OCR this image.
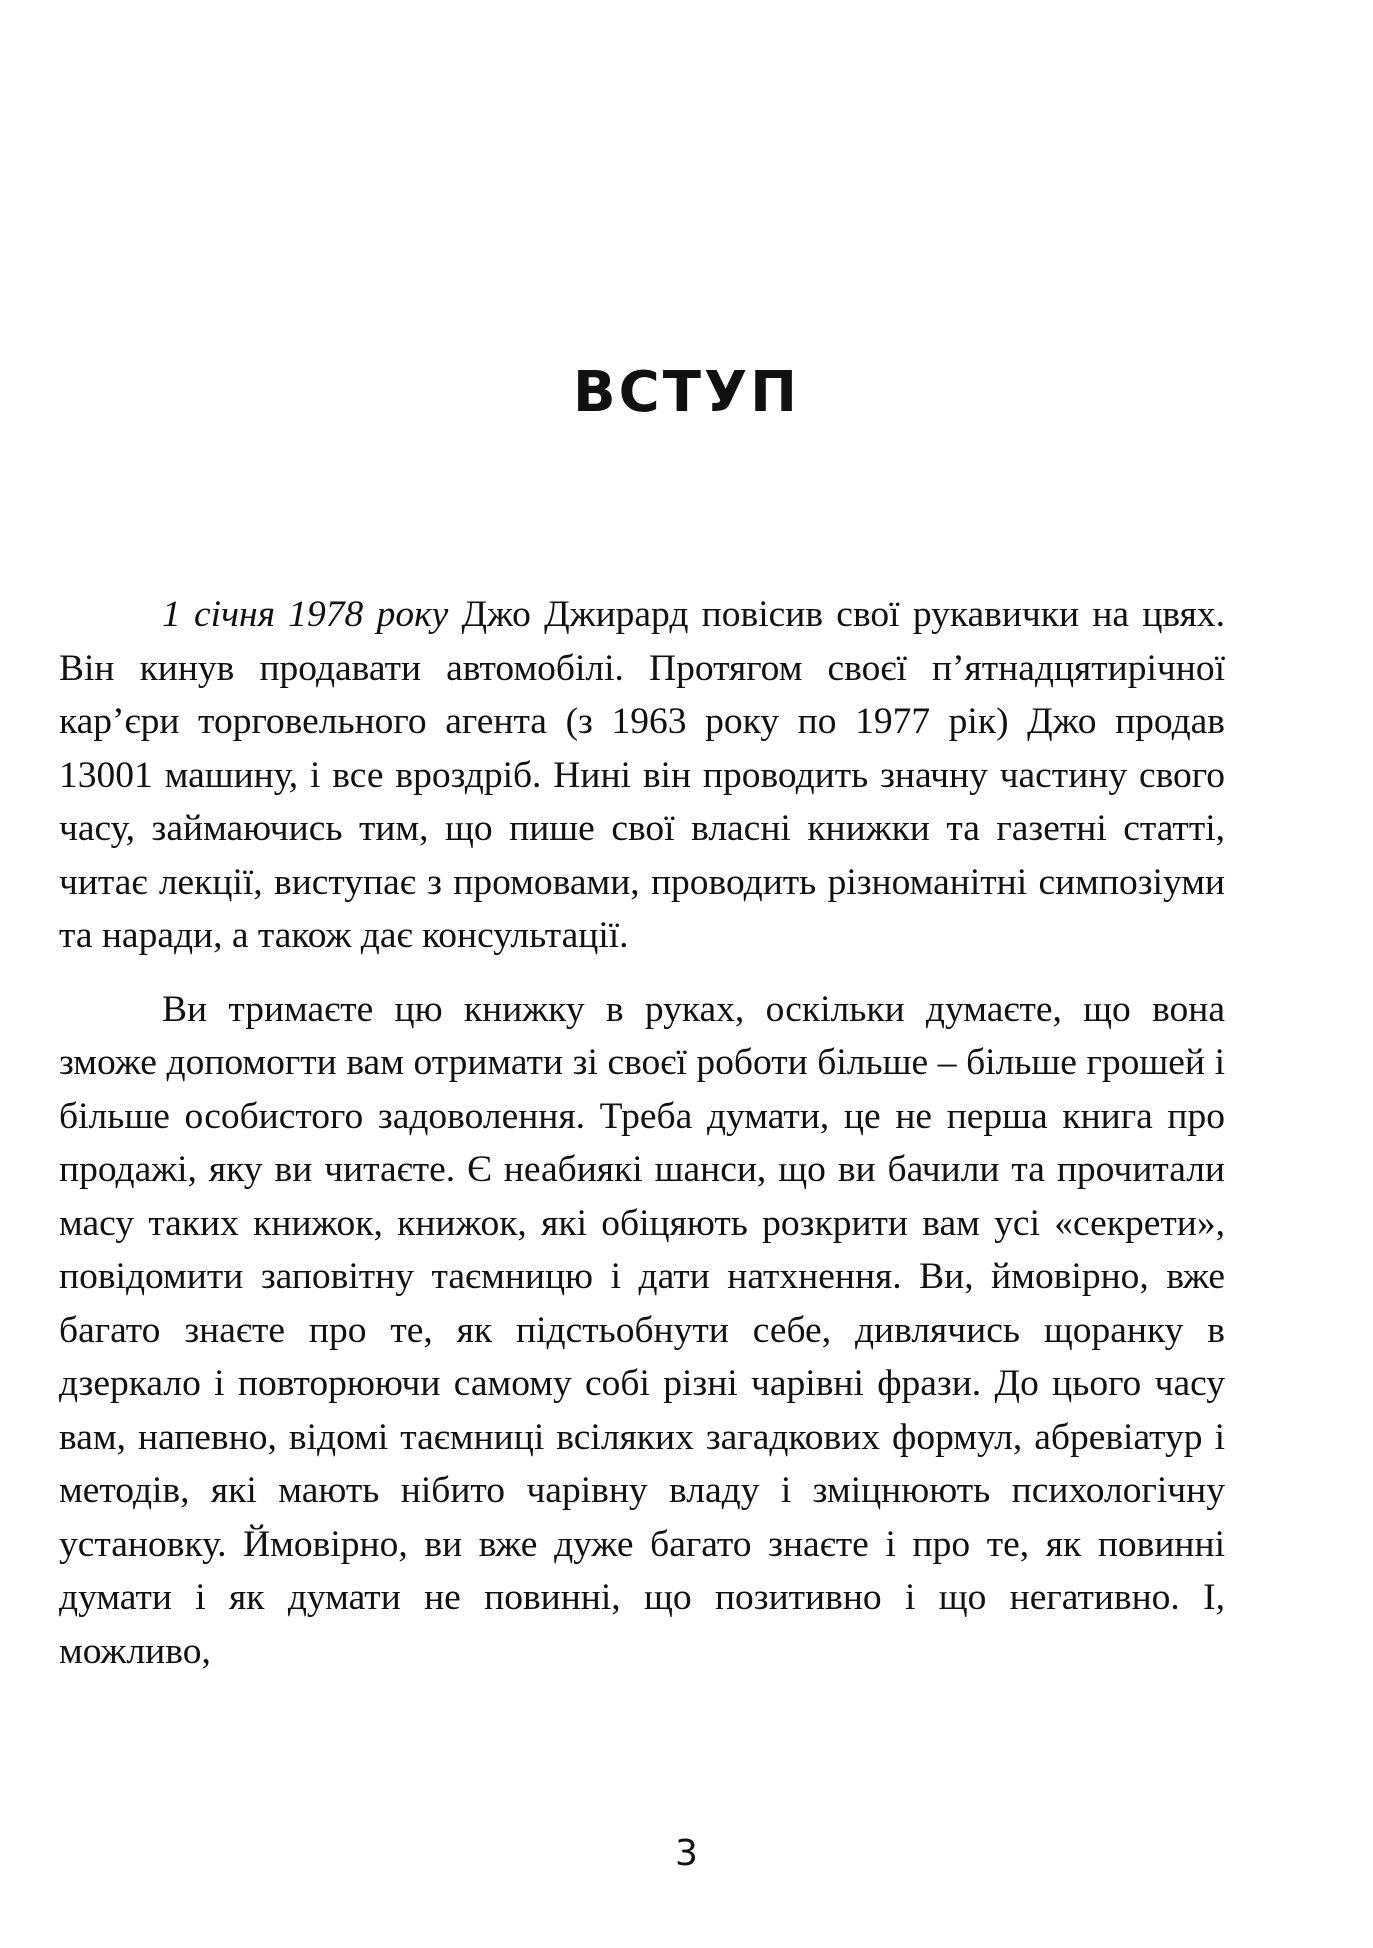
ВСТУП

1 січня 1978 року Джо Джирард повісив свої рукавички на цвях. Він кинув продавати автомобілі. Протягом своєї п’ятнадцятирічної кар’єри торговельного агента (з 1963 року по 1977 рік) Джо продав 13001 машину, і все вроздріб. Нині він проводить значну частину свого часу, займаючись тим, що пише свої власні книжки та газетні статті, читає лекції, виступає з промовами, проводить різноманітні симпозіуми та наради, а також дає консультації.

Ви тримаєте цю книжку в руках, оскільки думаєте, що вона зможе допомогти вам отримати зі своєї роботи більше – більше грошей і більше особистого задоволення. Треба думати, це не перша книга про продажі, яку ви читаєте. Є неабиякі шанси, що ви бачили та прочитали масу таких книжок, книжок, які обіцяють розкрити вам усі «секрети», повідомити заповітну таємницю і дати натхнення. Ви, ймовірно, вже багато знаєте про те, як підстьобнути себе, дивлячись щоранку в дзеркало і повторюючи самому собі різні чарівні фрази. До цього часу вам, напевно, відомі таємниці всіляких загадкових формул, абревіатур і методів, які мають нібито чарівну владу і зміцнюють психологічну установку. Ймовірно, ви вже дуже багато знаєте і про те, як повинні думати і як думати не повинні, що позитивно і що негативно. І, можливо,

3
